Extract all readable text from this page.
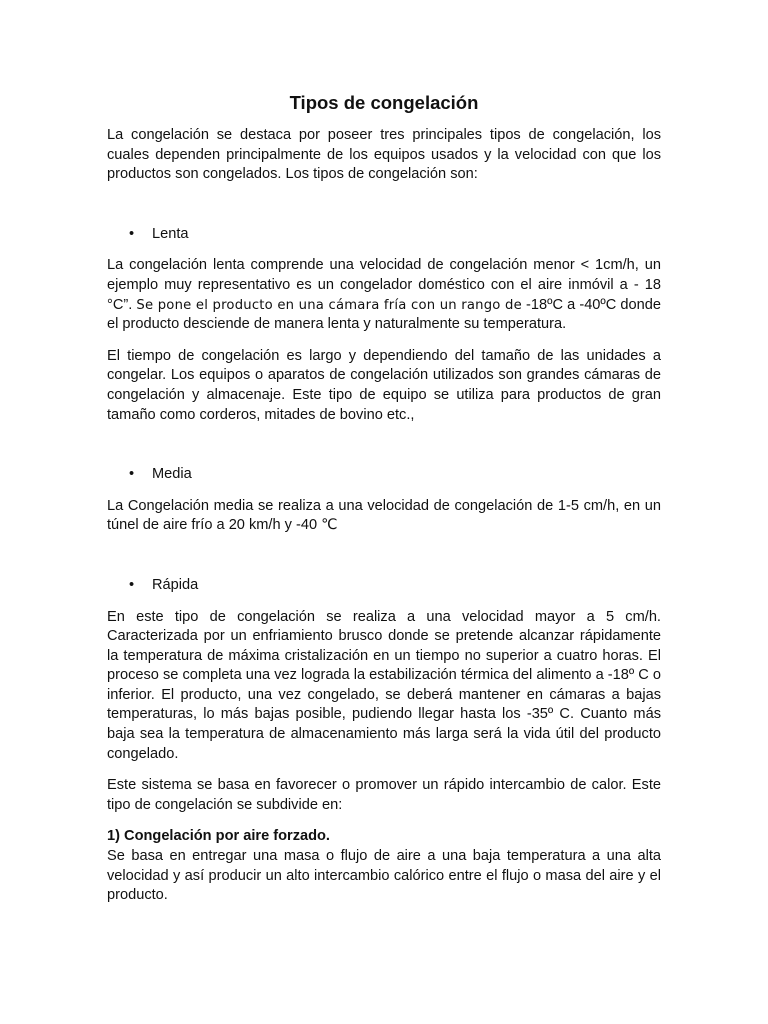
Tipos de congelación

La congelación se destaca por poseer tres principales tipos de congelación, los cuales dependen principalmente de los equipos usados y la velocidad con que los productos son congelados. Los tipos de congelación son:

• Lenta

La congelación lenta comprende una velocidad de congelación menor < 1cm/h, un ejemplo muy representativo es un congelador doméstico con el aire inmóvil a - 18 °C”. Se pone el producto en una cámara fría con un rango de -18ºC a -40ºC donde el producto desciende de manera lenta y naturalmente su temperatura.

El tiempo de congelación es largo y dependiendo del tamaño de las unidades a congelar. Los equipos o aparatos de congelación utilizados son grandes cámaras de congelación y almacenaje. Este tipo de equipo se utiliza para productos de gran tamaño como corderos, mitades de bovino etc.,

• Media

La Congelación media se realiza a una velocidad de congelación de 1-5 cm/h, en un túnel de aire frío a 20 km/h y -40 ℃

• Rápida

En este tipo de congelación se realiza a una velocidad mayor a 5 cm/h. Caracterizada por un enfriamiento brusco donde se pretende alcanzar rápidamente la temperatura de máxima cristalización en un tiempo no superior a cuatro horas. El proceso se completa una vez lograda la estabilización térmica del alimento a -18º C o inferior. El producto, una vez congelado, se deberá mantener en cámaras a bajas temperaturas, lo más bajas posible, pudiendo llegar hasta los -35º C. Cuanto más baja sea la temperatura de almacenamiento más larga será la vida útil del producto congelado.

Este sistema se basa en favorecer o promover un rápido intercambio de calor. Este tipo de congelación se subdivide en:

1) Congelación por aire forzado.

Se basa en entregar una masa o flujo de aire a una baja temperatura a una alta velocidad y así producir un alto intercambio calórico entre el flujo o masa del aire y el producto.
